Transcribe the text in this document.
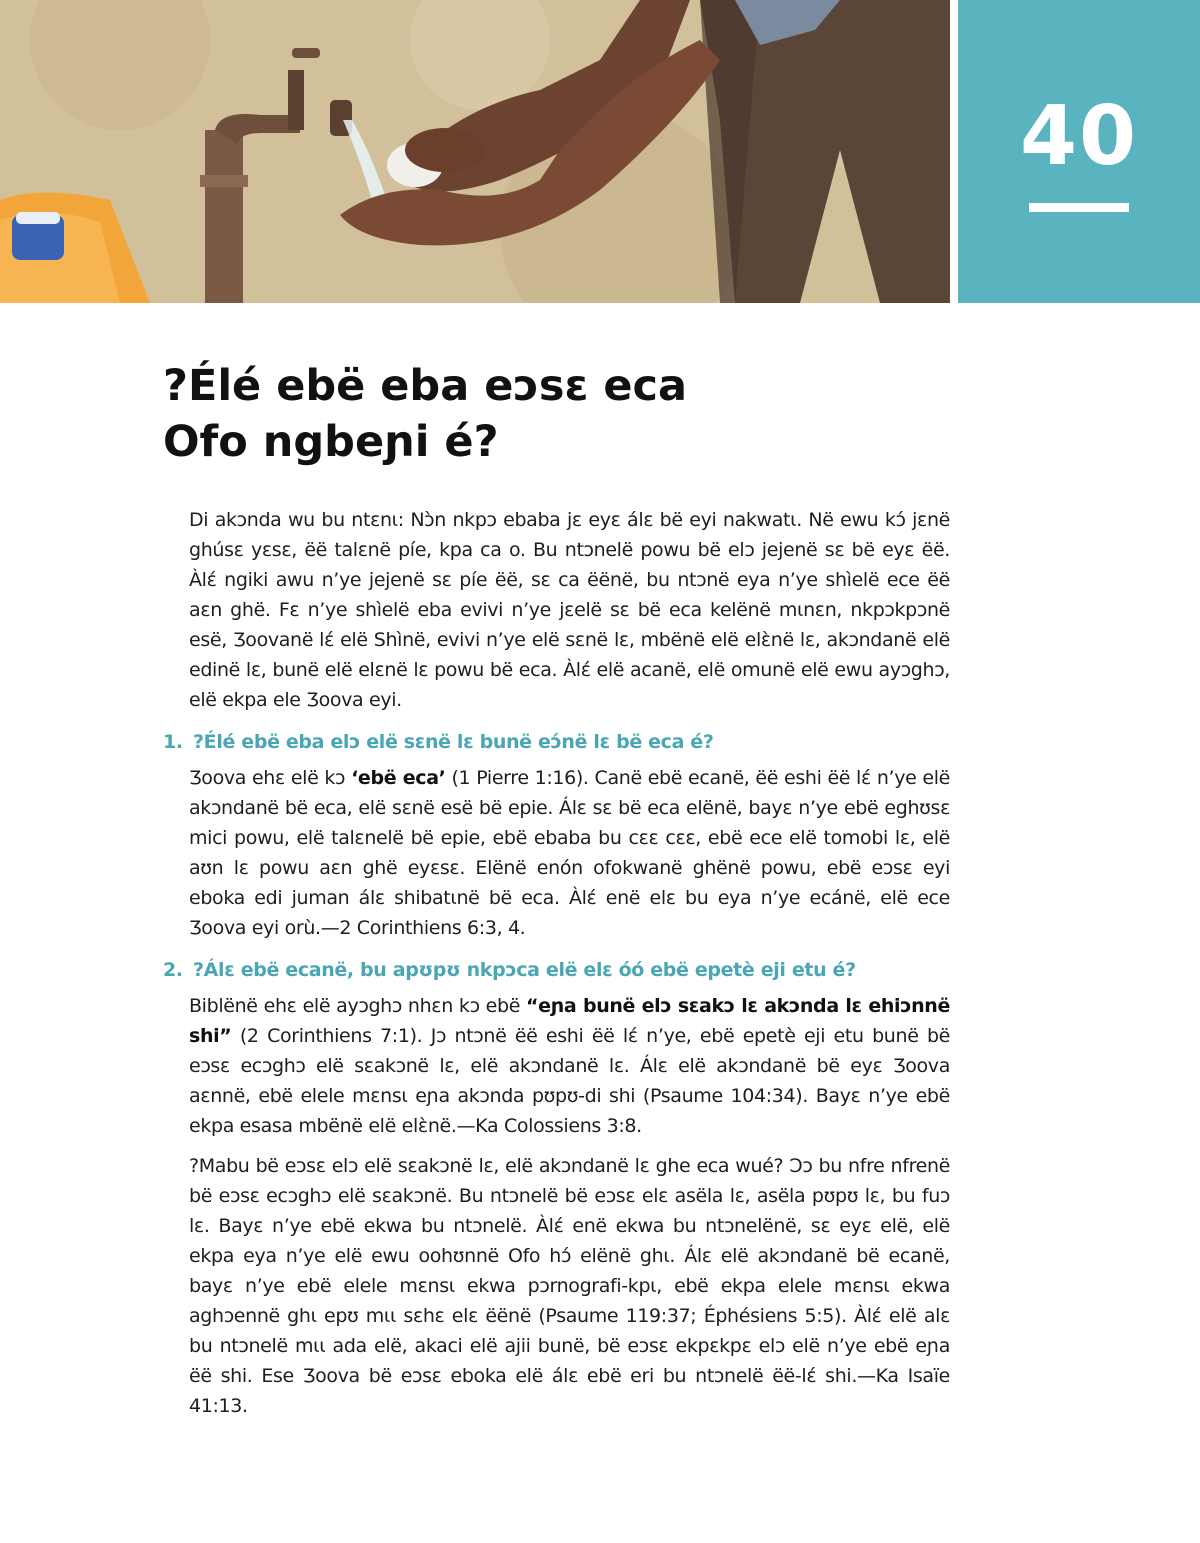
40
?Élé ebë eba eɔsɛ eca
Ofo ngbeɲi é?

Di akɔnda wu bu ntɛnι: Nɔ̀n nkpɔ ebaba jɛ eyɛ álɛ bë eyi nakwatι. Në ewu kɔ́ jɛnë ghúsɛ yɛsɛ, ëë talɛnë píe, kpa ca o. Bu ntɔnelë powu bë elɔ jejenë sɛ bë eyɛ ëë. Àlɛ́ ngiki awu n’ye jejenë sɛ píe ëë, sɛ ca ëënë, bu ntɔnë eya n’ye shìelë ece ëë aɛn ghë. Fɛ n’ye shìelë eba evivi n’ye jɛelë sɛ bë eca kelënë mιnɛn, nkpɔkpɔnë esë, Ʒoovanë lɛ́ elë Shìnë, evivi n’ye elë sɛnë lɛ, mbënë elë elɛ̀në lɛ, akɔndanë elë edinë lɛ, bunë elë elɛnë lɛ powu bë eca. Àlɛ́ elë acanë, elë omunë elë ewu ayɔghɔ, elë ekpa ele Ʒoova eyi.

1. ?Élé ebë eba elɔ elë sɛnë lɛ bunë eɔ́në lɛ bë eca é?

Ʒoova ehɛ elë kɔ ‘ebë eca’ (1 Pierre 1:16). Canë ebë ecanë, ëë eshi ëë lɛ́ n’ye elë akɔndanë bë eca, elë sɛnë esë bë epie. Álɛ sɛ bë eca elënë, bayɛ n’ye ebë eghʊsɛ mici powu, elë talɛnelë bë epie, ebë ebaba bu cɛɛ cɛɛ, ebë ece elë tomobi lɛ, elë aʊn lɛ powu aɛn ghë eyɛsɛ. Elënë enón ofokwanë ghënë powu, ebë eɔsɛ eyi eboka edi juman álɛ shibatιnë bë eca. Àlɛ́ enë elɛ bu eya n’ye ecánë, elë ece Ʒoova eyi orù.—2 Corinthiens 6:3, 4.

2. ?Álɛ ebë ecanë, bu apʊpʊ nkpɔca elë elɛ óó ebë epetè eji etu é?

Biblënë ehɛ elë ayɔghɔ nhɛn kɔ ebë “eɲa bunë elɔ sɛakɔ lɛ akɔnda lɛ ehiɔnnë shi” (2 Corinthiens 7:1). Jɔ ntɔnë ëë eshi ëë lɛ́ n’ye, ebë epetè eji etu bunë bë eɔsɛ ecɔghɔ elë sɛakɔnë lɛ, elë akɔndanë lɛ. Álɛ elë akɔndanë bë eyɛ Ʒoova aɛnnë, ebë elele mɛnsι eɲa akɔnda pʊpʊ-di shi (Psaume 104:34). Bayɛ n’ye ebë ekpa esasa mbënë elë elɛ̀në.—Ka Colossiens 3:8.

?Mabu bë eɔsɛ elɔ elë sɛakɔnë lɛ, elë akɔndanë lɛ ghe eca wué? Ɔɔ bu nfre nfrenë bë eɔsɛ ecɔghɔ elë sɛakɔnë. Bu ntɔnelë bë eɔsɛ elɛ asëla lɛ, asëla pʊpʊ lɛ, bu fuɔ lɛ. Bayɛ n’ye ebë ekwa bu ntɔnelë. Àlɛ́ enë ekwa bu ntɔnelënë, sɛ eyɛ elë, elë ekpa eya n’ye elë ewu oohʊnnë Ofo hɔ́ elënë ghι. Álɛ elë akɔndanë bë ecanë, bayɛ n’ye ebë elele mɛnsι ekwa pɔrnografi-kpι, ebë ekpa elele mɛnsι ekwa aghɔennë ghι epʊ mιι sɛhɛ elɛ ëënë (Psaume 119:37; Éphésiens 5:5). Àlɛ́ elë alɛ bu ntɔnelë mιι ada elë, akaci elë ajii bunë, bë eɔsɛ ekpɛkpɛ elɔ elë n’ye ebë eɲa ëë shi. Ese Ʒoova bë eɔsɛ eboka elë álɛ ebë eri bu ntɔnelë ëë-lɛ́ shi.—Ka Isaïe 41:13.
